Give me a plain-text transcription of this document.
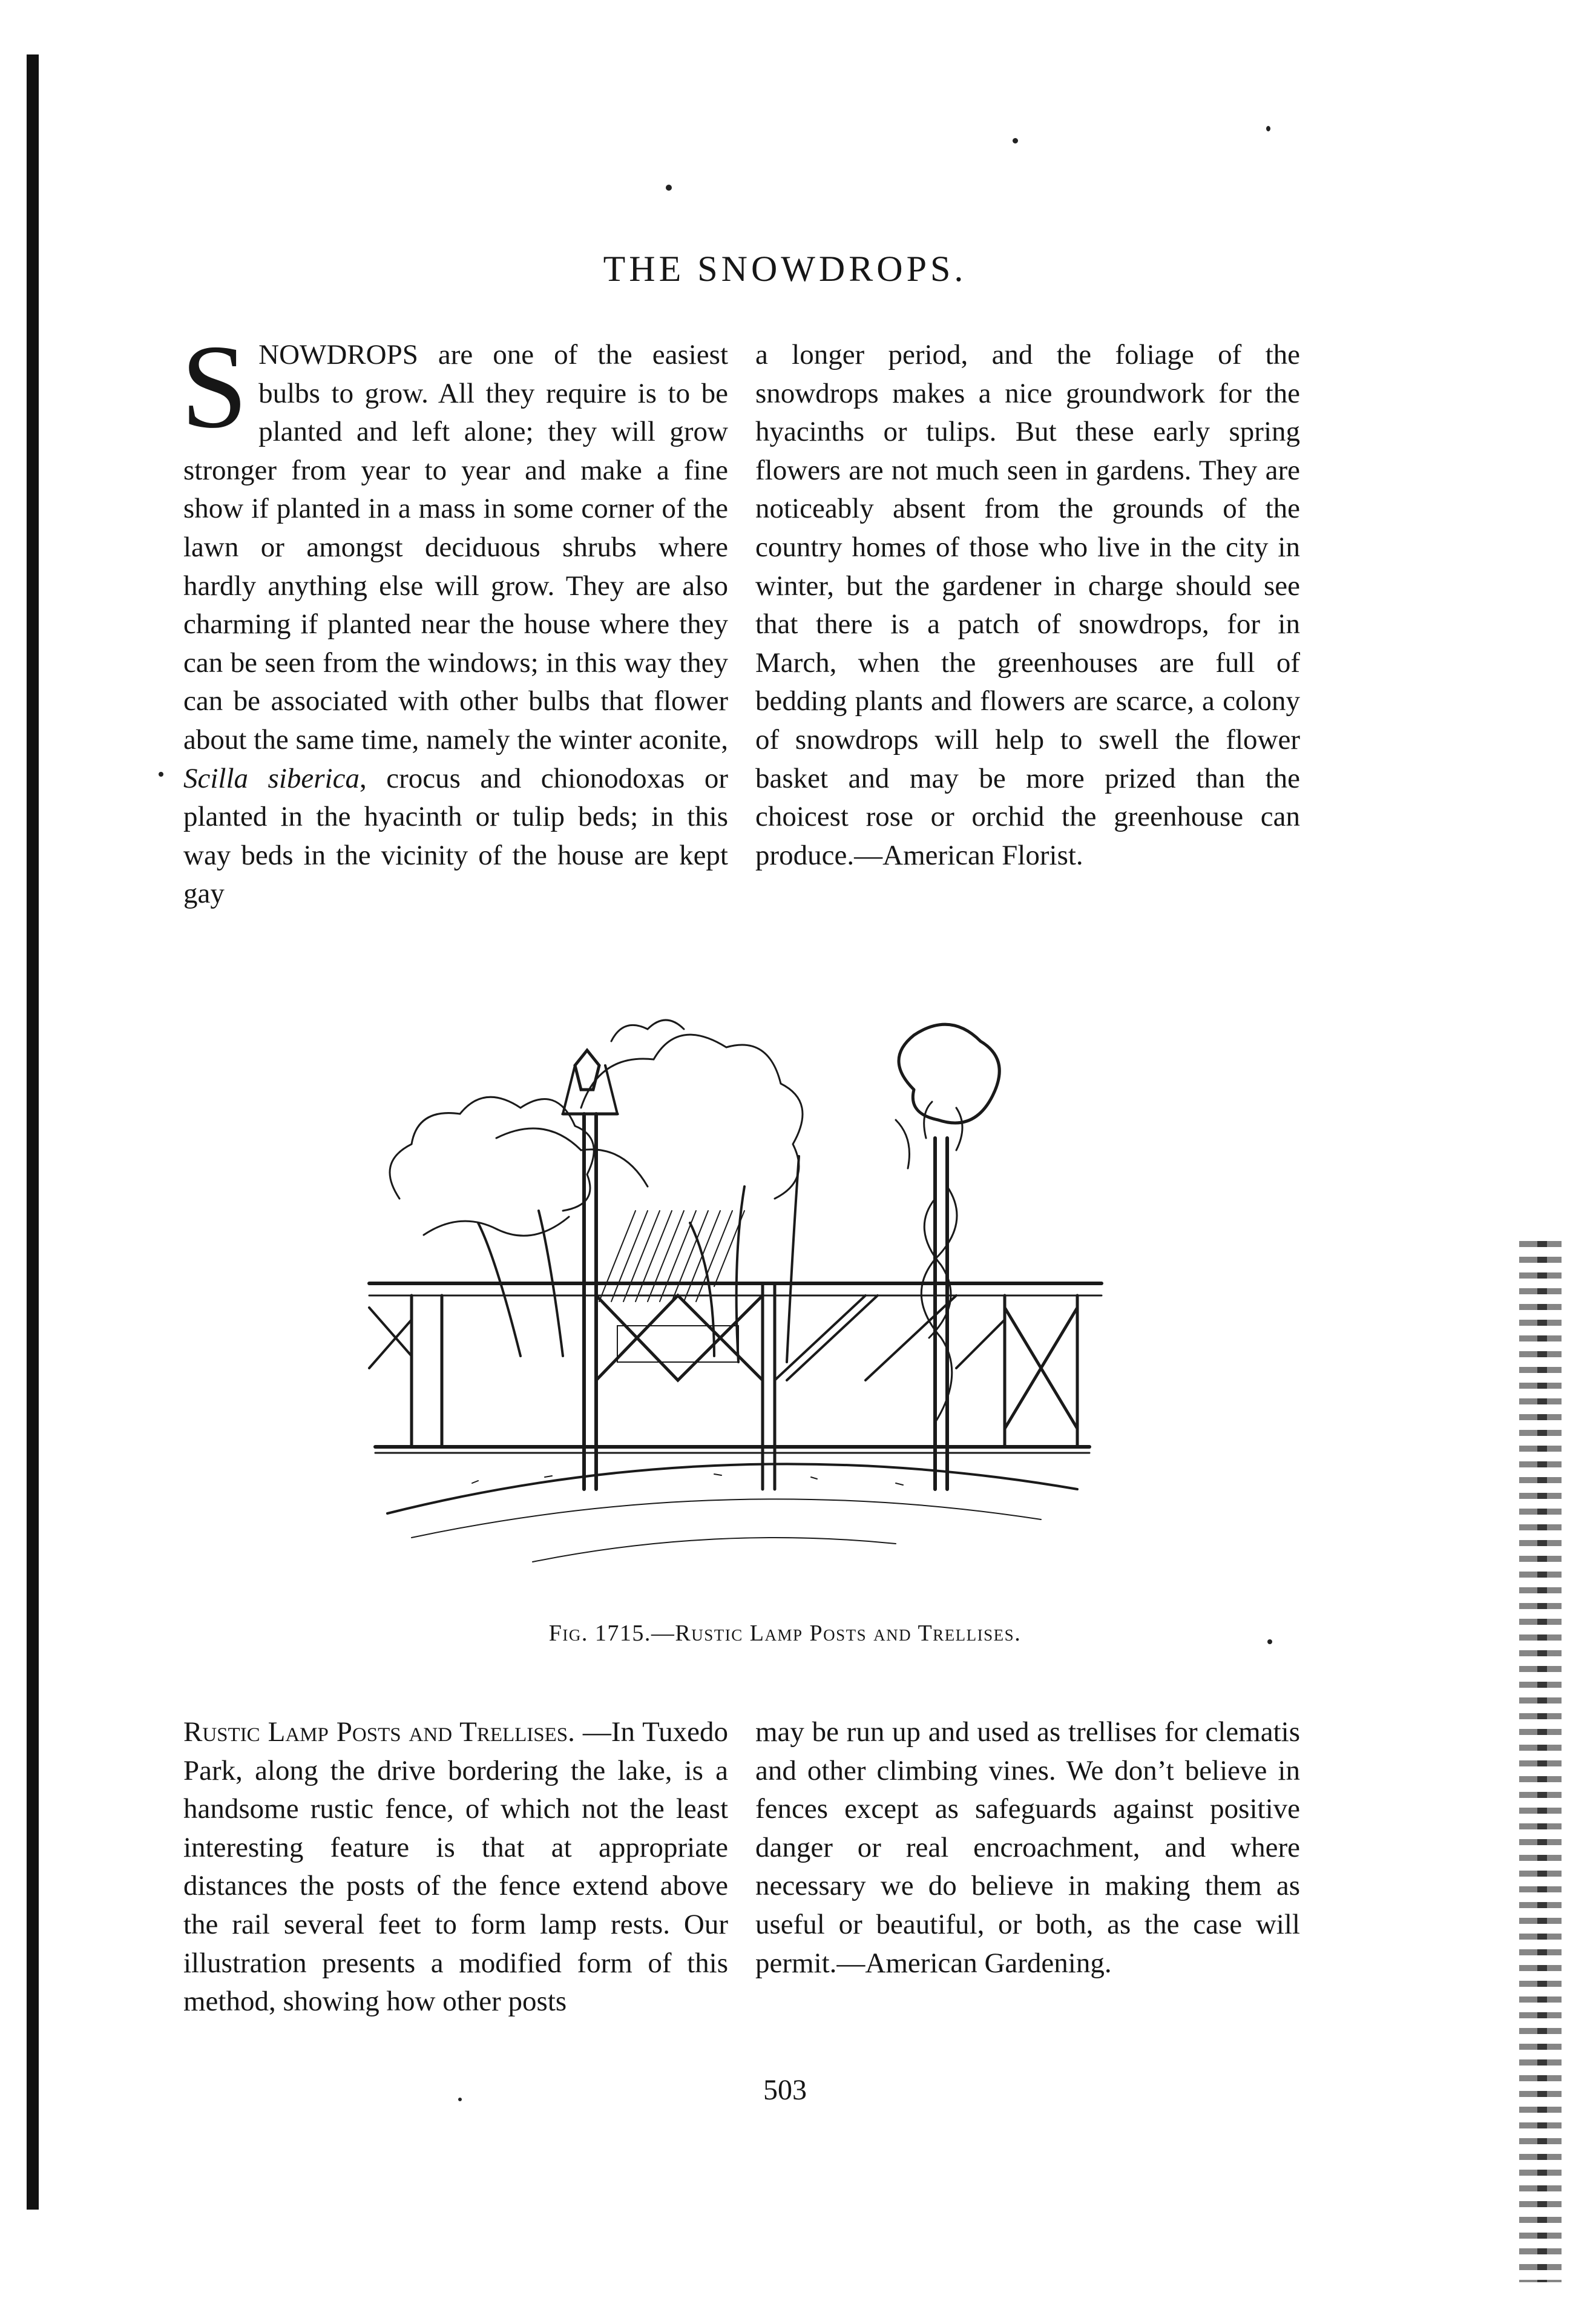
THE SNOWDROPS.

SNOWDROPS are one of the easiest bulbs to grow. All they require is to be planted and left alone; they will grow stronger from year to year and make a fine show if planted in a mass in some corner of the lawn or amongst deciduous shrubs where hardly anything else will grow. They are also charming if planted near the house where they can be seen from the windows; in this way they can be associated with other bulbs that flower about the same time, namely the winter aconite, Scilla siberica, crocus and chionodoxas or planted in the hyacinth or tulip beds; in this way beds in the vicinity of the house are kept gay

a longer period, and the foliage of the snowdrops makes a nice groundwork for the hyacinths or tulips. But these early spring flowers are not much seen in gardens. They are noticeably absent from the grounds of the country homes of those who live in the city in winter, but the gardener in charge should see that there is a patch of snowdrops, for in March, when the greenhouses are full of bedding plants and flowers are scarce, a colony of snowdrops will help to swell the flower basket and may be more prized than the choicest rose or orchid the greenhouse can produce.—American Florist.

Fig. 1715.—Rustic Lamp Posts and Trellises.

Rustic Lamp Posts and Trellises. —In Tuxedo Park, along the drive bordering the lake, is a handsome rustic fence, of which not the least interesting feature is that at appropriate distances the posts of the fence extend above the rail several feet to form lamp rests. Our illustration presents a modified form of this method, showing how other posts

may be run up and used as trellises for clematis and other climbing vines. We don’t believe in fences except as safeguards against positive danger or real encroachment, and where necessary we do believe in making them as useful or beautiful, or both, as the case will permit.—American Gardening.

503
